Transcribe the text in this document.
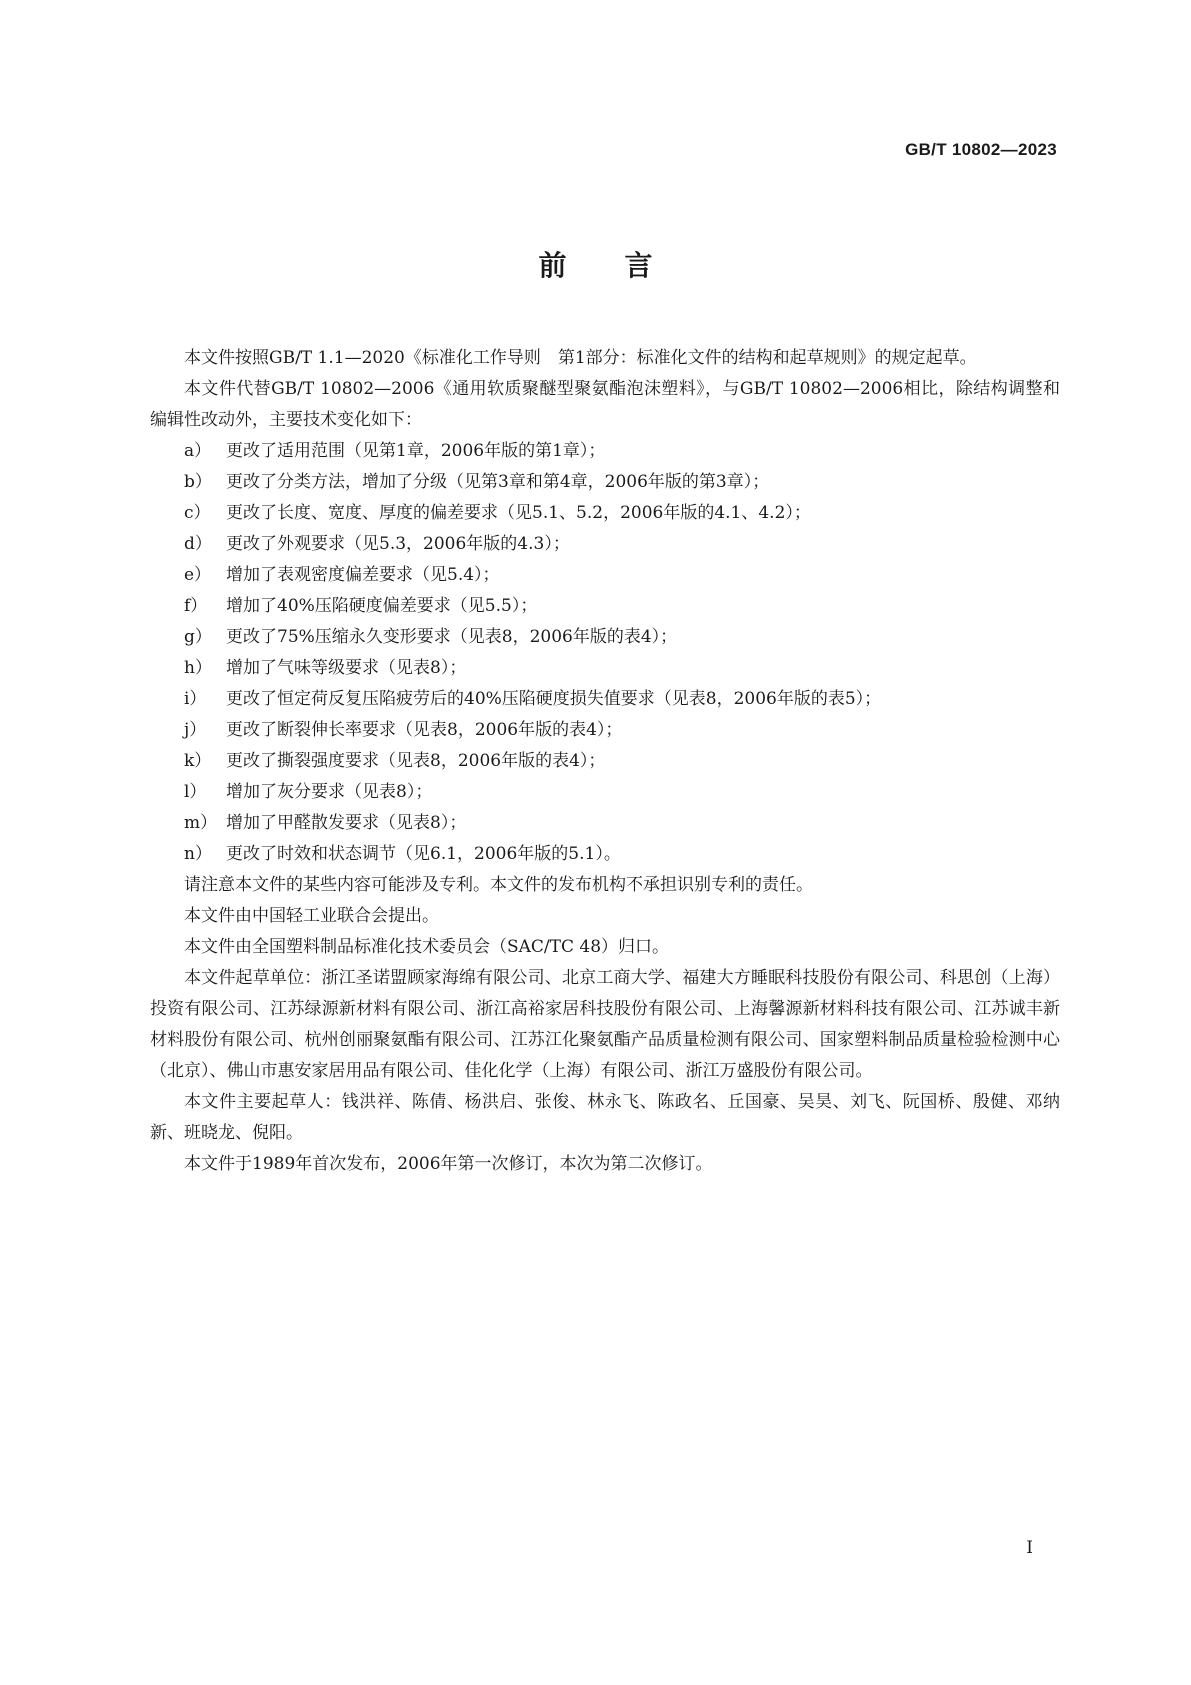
GB/T 10802—2023
前言

本文件按照GB/T 1.1—2020《标准化工作导则　第1部分：标准化文件的结构和起草规则》的规定起草。

本文件代替GB/T 10802—2006《通用软质聚醚型聚氨酯泡沫塑料》，与GB/T 10802—2006相比，除结构调整和编辑性改动外，主要技术变化如下：

a） 更改了适用范围（见第1章，2006年版的第1章）；
b） 更改了分类方法，增加了分级（见第3章和第4章，2006年版的第3章）；
c） 更改了长度、宽度、厚度的偏差要求（见5.1、5.2，2006年版的4.1、4.2）；
d） 更改了外观要求（见5.3，2006年版的4.3）；
e） 增加了表观密度偏差要求（见5.4）；
f）	增加了40%压陷硬度偏差要求（见5.5）；
g） 更改了75%压缩永久变形要求（见表8，2006年版的表4）；
h） 增加了气味等级要求（见表8）；
i）	更改了恒定荷反复压陷疲劳后的40%压陷硬度损失值要求（见表8，2006年版的表5）；
j）	更改了断裂伸长率要求（见表8，2006年版的表4）；
k） 更改了撕裂强度要求（见表8，2006年版的表4）；
l）	增加了灰分要求（见表8）；
m） 增加了甲醛散发要求（见表8）；
n） 更改了时效和状态调节（见6.1，2006年版的5.1）。

请注意本文件的某些内容可能涉及专利。本文件的发布机构不承担识别专利的责任。

本文件由中国轻工业联合会提出。

本文件由全国塑料制品标准化技术委员会（SAC/TC 48）归口。

本文件起草单位：浙江圣诺盟顾家海绵有限公司、北京工商大学、福建大方睡眠科技股份有限公司、科思创（上海）投资有限公司、江苏绿源新材料有限公司、浙江高裕家居科技股份有限公司、上海馨源新材料科技有限公司、江苏诚丰新材料股份有限公司、杭州创丽聚氨酯有限公司、江苏江化聚氨酯产品质量检测有限公司、国家塑料制品质量检验检测中心（北京）、佛山市惠安家居用品有限公司、佳化化学（上海）有限公司、浙江万盛股份有限公司。

本文件主要起草人：钱洪祥、陈倩、杨洪启、张俊、林永飞、陈政名、丘国豪、吴昊、刘飞、阮国桥、殷健、邓纳新、班晓龙、倪阳。

本文件于1989年首次发布，2006年第一次修订，本次为第二次修订。

I
